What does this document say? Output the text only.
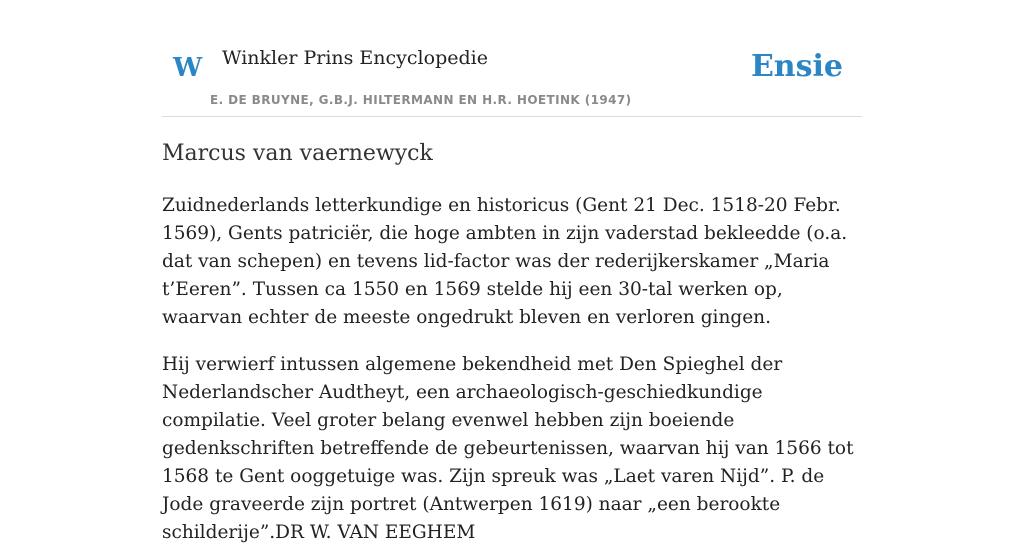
W Winkler Prins Encyclopedie
E. DE BRUYNE, G.B.J. HILTERMANN EN H.R. HOETINK (1947)
Ensie
Marcus van vaernewyck

Zuidnederlands letterkundige en historicus (Gent 21 Dec. 1518-20 Febr. 1569), Gents patriciër, die hoge ambten in zijn vaderstad bekleedde (o.a. dat van schepen) en tevens lid-factor was der rederijkerskamer „Maria t’Eeren”. Tussen ca 1550 en 1569 stelde hij een 30-tal werken op, waarvan echter de meeste ongedrukt bleven en verloren gingen.

Hij verwierf intussen algemene bekendheid met Den Spieghel der Nederlandscher Audtheyt, een archaeologisch-geschiedkundige compilatie. Veel groter belang evenwel hebben zijn boeiende gedenkschriften betreffende de gebeurtenissen, waarvan hij van 1566 tot 1568 te Gent ooggetuige was. Zijn spreuk was „Laet varen Nijd”. P. de Jode graveerde zijn portret (Antwerpen 1619) naar „een berookte schilderije”.DR W. VAN EEGHEM
